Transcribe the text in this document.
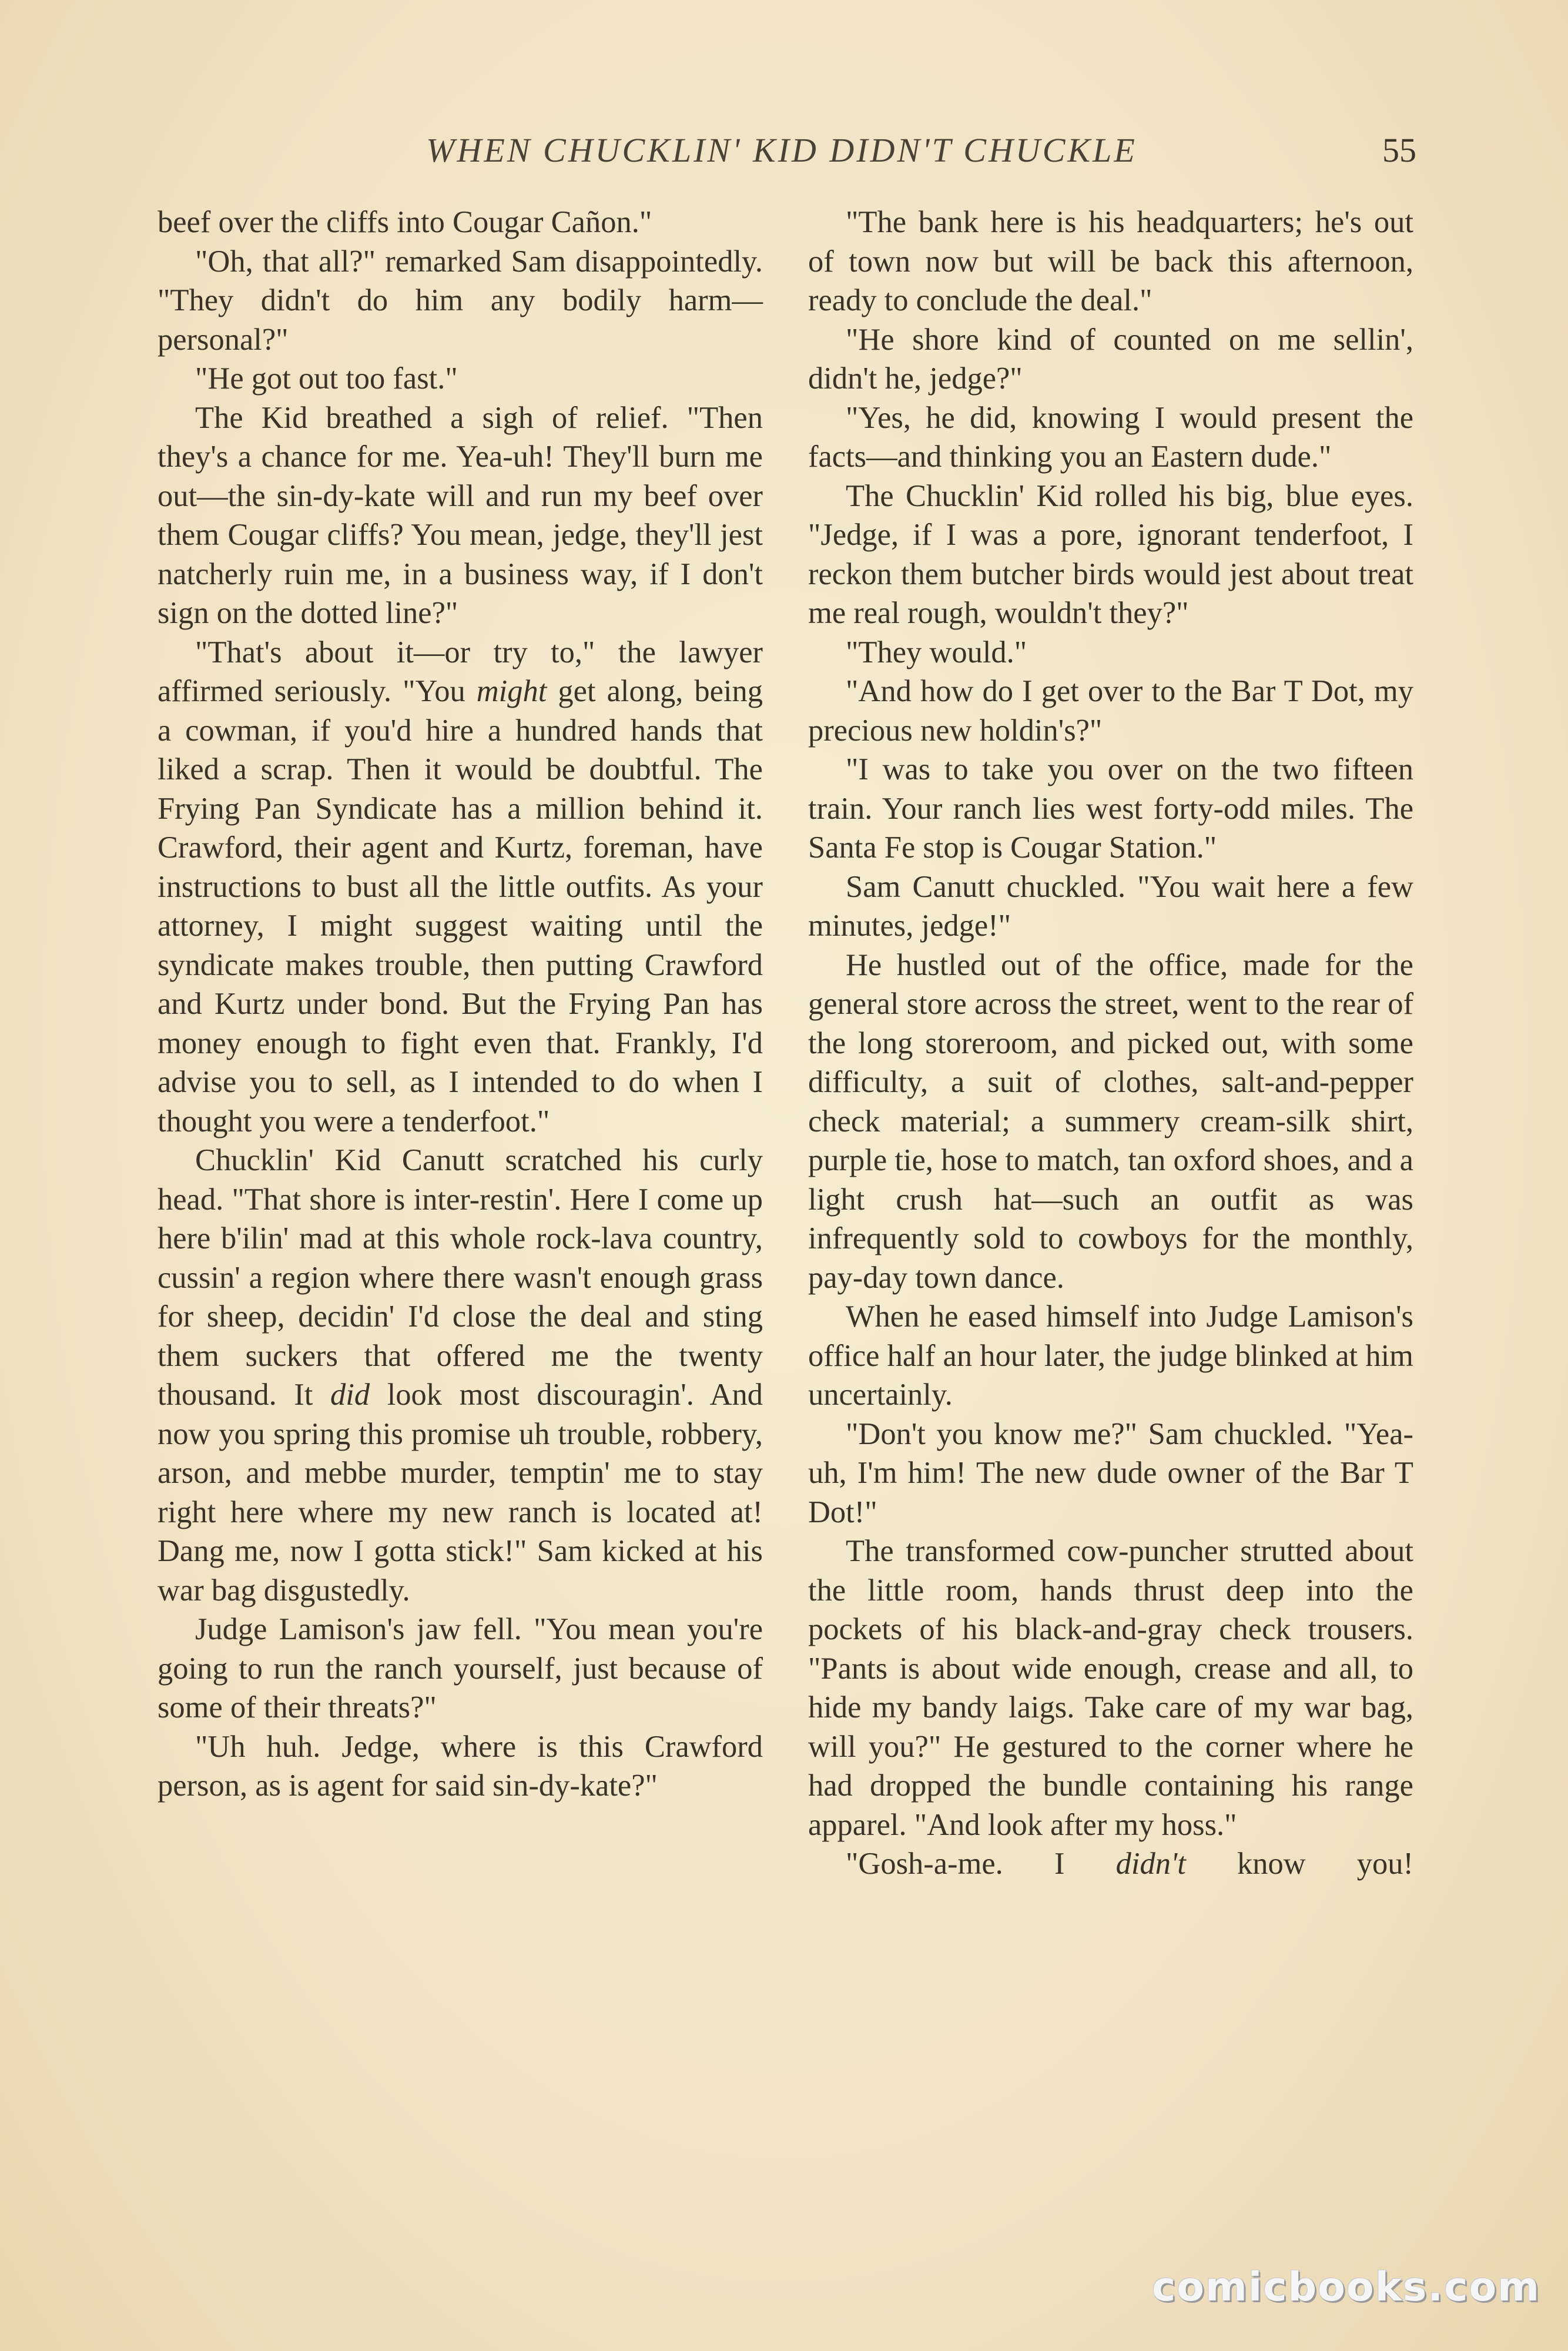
WHEN CHUCKLIN' KID DIDN'T CHUCKLE	55

beef over the cliffs into Cougar Cañon."

"Oh, that all?" remarked Sam disappointedly. "They didn't do him any bodily harm—personal?"

"He got out too fast."

The Kid breathed a sigh of relief. "Then they's a chance for me. Yea-uh! They'll burn me out—the sin-dy-kate will and run my beef over them Cougar cliffs? You mean, jedge, they'll jest natcherly ruin me, in a business way, if I don't sign on the dotted line?"

"That's about it—or try to," the lawyer affirmed seriously. "You might get along, being a cowman, if you'd hire a hundred hands that liked a scrap. Then it would be doubtful. The Frying Pan Syndicate has a million behind it. Crawford, their agent and Kurtz, foreman, have instructions to bust all the little outfits. As your attorney, I might suggest waiting until the syndicate makes trouble, then putting Crawford and Kurtz under bond. But the Frying Pan has money enough to fight even that. Frankly, I'd advise you to sell, as I intended to do when I thought you were a tenderfoot."

Chucklin' Kid Canutt scratched his curly head. "That shore is inter-restin'. Here I come up here b'ilin' mad at this whole rock-lava country, cussin' a region where there wasn't enough grass for sheep, decidin' I'd close the deal and sting them suckers that offered me the twenty thousand. It did look most discouragin'. And now you spring this promise uh trouble, robbery, arson, and mebbe murder, temptin' me to stay right here where my new ranch is located at! Dang me, now I gotta stick!" Sam kicked at his war bag disgustedly.

Judge Lamison's jaw fell. "You mean you're going to run the ranch yourself, just because of some of their threats?"

"Uh huh. Jedge, where is this Crawford person, as is agent for said sin-dy-kate?"

"The bank here is his headquarters; he's out of town now but will be back this afternoon, ready to conclude the deal."

"He shore kind of counted on me sellin', didn't he, jedge?"

"Yes, he did, knowing I would present the facts—and thinking you an Eastern dude."

The Chucklin' Kid rolled his big, blue eyes. "Jedge, if I was a pore, ignorant tenderfoot, I reckon them butcher birds would jest about treat me real rough, wouldn't they?"

"They would."

"And how do I get over to the Bar T Dot, my precious new holdin's?"

"I was to take you over on the two fifteen train. Your ranch lies west forty-odd miles. The Santa Fe stop is Cougar Station."

Sam Canutt chuckled. "You wait here a few minutes, jedge!"

He hustled out of the office, made for the general store across the street, went to the rear of the long storeroom, and picked out, with some difficulty, a suit of clothes, salt-and-pepper check material; a summery cream-silk shirt, purple tie, hose to match, tan oxford shoes, and a light crush hat—such an outfit as was infrequently sold to cowboys for the monthly, pay-day town dance.

When he eased himself into Judge Lamison's office half an hour later, the judge blinked at him uncertainly.

"Don't you know me?" Sam chuckled. "Yea-uh, I'm him! The new dude owner of the Bar T Dot!"

The transformed cow-puncher strutted about the little room, hands thrust deep into the pockets of his black-and-gray check trousers. "Pants is about wide enough, crease and all, to hide my bandy laigs. Take care of my war bag, will you?" He gestured to the corner where he had dropped the bundle containing his range apparel. "And look after my hoss."

"Gosh-a-me. I didn't know you!

comicbooks.com
